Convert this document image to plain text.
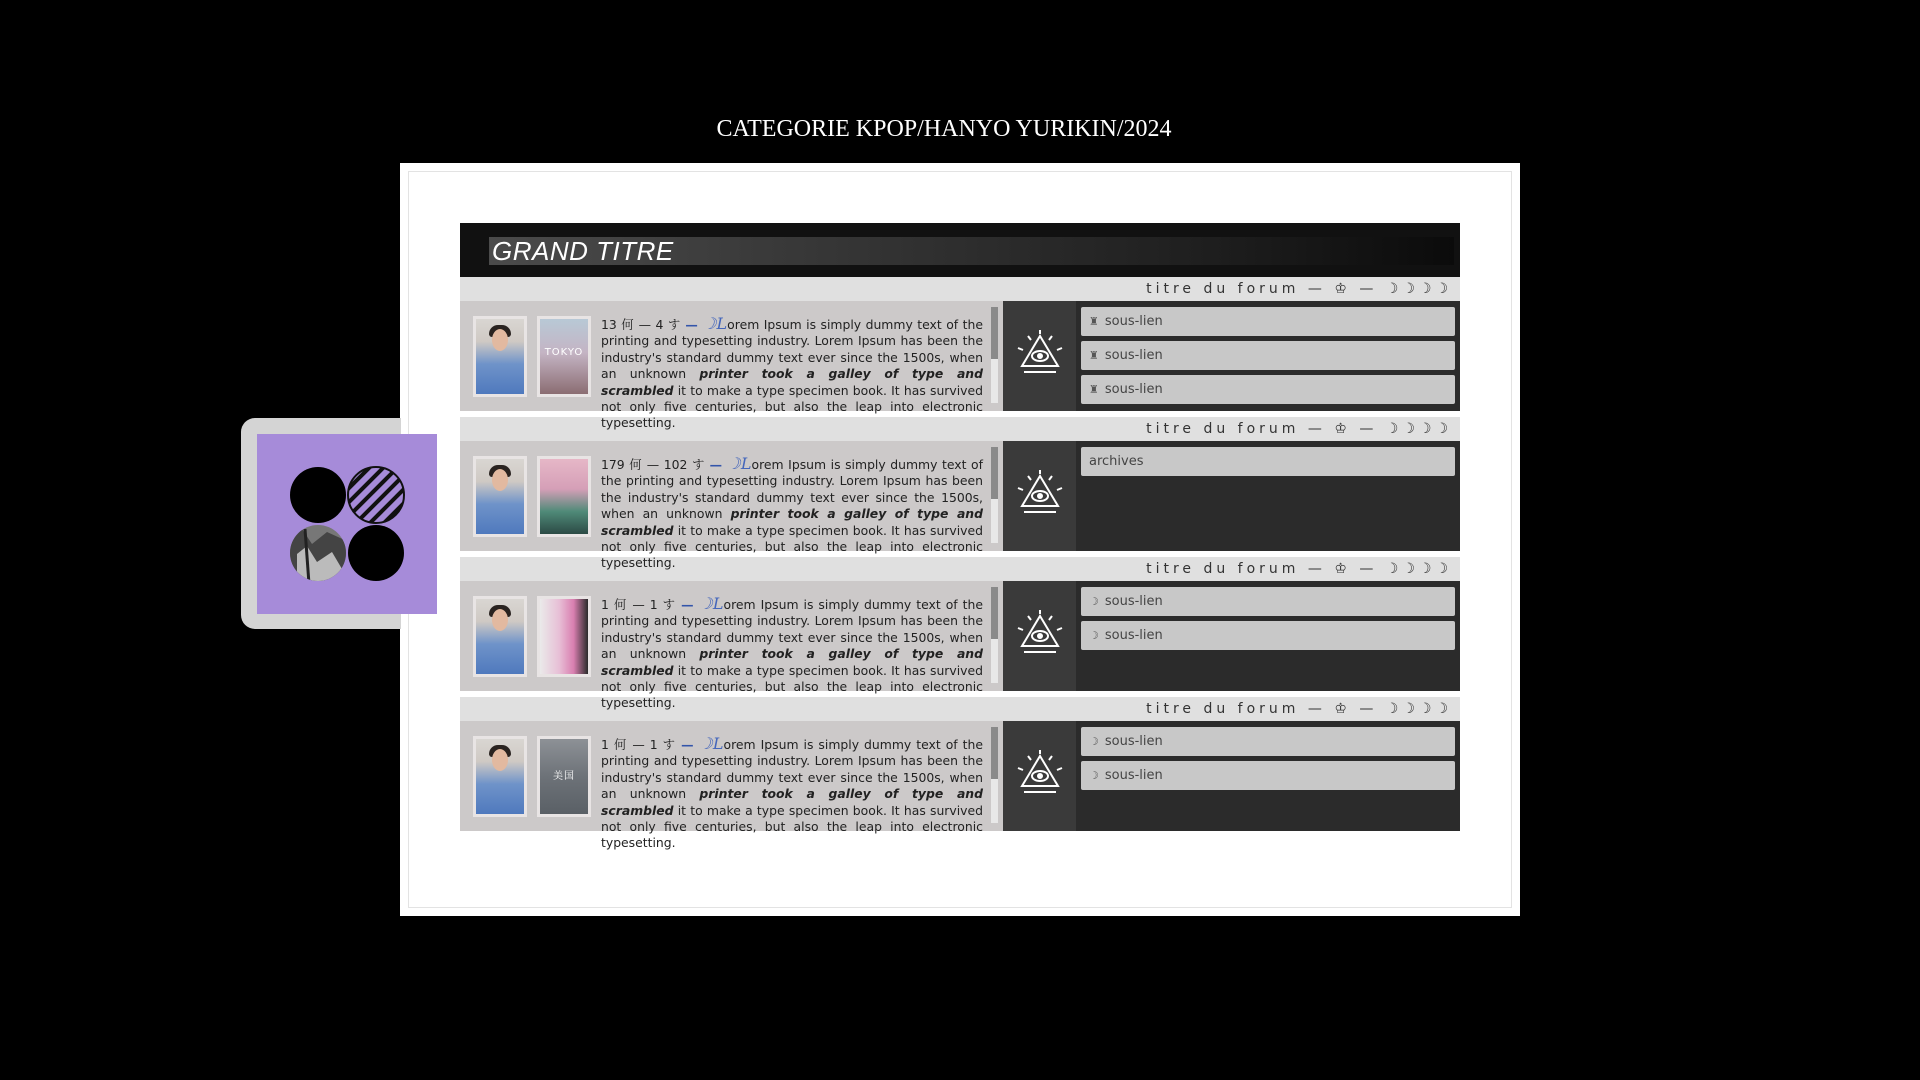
CATEGORIE KPOP/HANYO YURIKIN/2024
GRAND TITRE
titre du forum — ♔ — ☽☽☽☽
TOKYO
13 何 — 4 す — ☽Lorem Ipsum is simply dummy text of the printing and typesetting industry. Lorem Ipsum has been the industry's standard dummy text ever since the 1500s, when an unknown printer took a galley of type and scrambled it to make a type specimen book. It has survived not only five centuries, but also the leap into electronic typesetting.
♜ sous-lien
♜ sous-lien
♜ sous-lien
titre du forum — ♔ — ☽☽☽☽
179 何 — 102 す — ☽Lorem Ipsum is simply dummy text of the printing and typesetting industry. Lorem Ipsum has been the industry's standard dummy text ever since the 1500s, when an unknown printer took a galley of type and scrambled it to make a type specimen book. It has survived not only five centuries, but also the leap into electronic typesetting.
archives
titre du forum — ♔ — ☽☽☽☽
1 何 — 1 す — ☽Lorem Ipsum is simply dummy text of the printing and typesetting industry. Lorem Ipsum has been the industry's standard dummy text ever since the 1500s, when an unknown printer took a galley of type and scrambled it to make a type specimen book. It has survived not only five centuries, but also the leap into electronic typesetting.
☽ sous-lien
☽ sous-lien
titre du forum — ♔ — ☽☽☽☽
美国
1 何 — 1 す — ☽Lorem Ipsum is simply dummy text of the printing and typesetting industry. Lorem Ipsum has been the industry's standard dummy text ever since the 1500s, when an unknown printer took a galley of type and scrambled it to make a type specimen book. It has survived not only five centuries, but also the leap into electronic typesetting.
☽ sous-lien
☽ sous-lien
